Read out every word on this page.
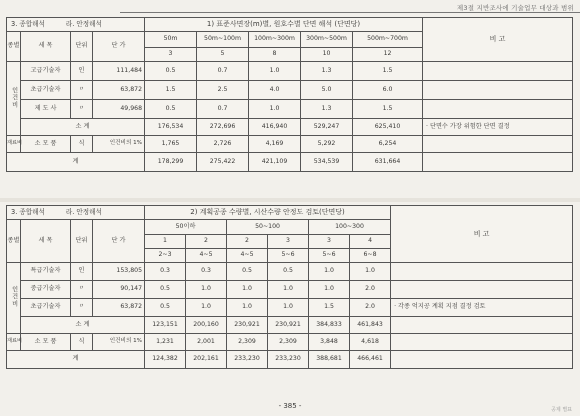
제3절 지반조사에 기술업무 대상과 범위
3. 종합해석 라. 안정해석				1) 표준사면장(m)별, 원호수별 단면 해석 (단면당)					비 고
종별	세 목	단위	단 가	50m	50m~100m	100m~300m	300m~500m	500m~700m	
				3	5	8	10	12	
인건비	고급기술자	인	111,484	0.5	0.7	1.0	1.3	1.5	
	초급기술자	〃	63,872	1.5	2.5	4.0	5.0	6.0	
	제 도 사	〃	49,968	0.5	0.7	1.0	1.3	1.5	
	소 계			176,534	272,696	416,940	529,247	625,410	· 단면수 가장 위험한 단면 결정
재료비	소 모 품	식	인건비의 1%	1,765	2,726	4,169	5,292	6,254	
계				178,299	275,422	421,109	534,539	631,664	
3. 종합해석 라. 안정해석				2) 계획공종 수량별, 시산수량 안정도 검토(단면당)						비 고
종별	세 목	단위	단 가	50이하		50~100		100~300		
				1	2	2	3	3	4	
				2~3	4~5	4~5	5~6	5~6	6~8	
인건비	특급기술자	인	153,805	0.3	0.3	0.5	0.5	1.0	1.0	
	중급기술자	〃	90,147	0.5	1.0	1.0	1.0	1.0	2.0	
	초급기술자	〃	63,872	0.5	1.0	1.0	1.0	1.5	2.0	· 각종 억지공 계획 지점 결정 검토
	소 계			123,151	200,160	230,921	230,921	384,833	461,843	
재료비	소 모 품	식	인건비의 1%	1,231	2,001	2,309	2,309	3,848	4,618	
계				124,382	202,161	233,230	233,230	388,681	466,461	
- 385 -	공제 별표
